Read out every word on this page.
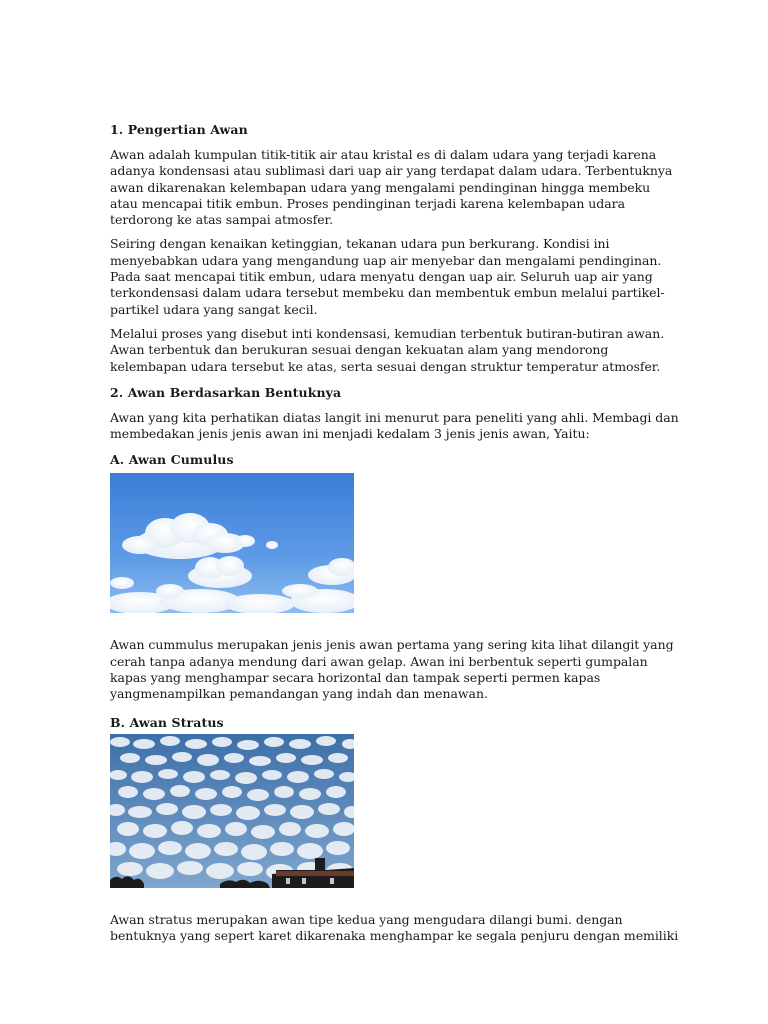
1. Pengertian Awan

Awan adalah kumpulan titik-titik air atau kristal es di dalam udara yang terjadi karena adanya kondensasi atau sublimasi dari uap air yang terdapat dalam udara. Terbentuknya awan dikarenakan kelembapan udara yang mengalami pendinginan hingga membeku atau mencapai titik embun. Proses pendinginan terjadi karena kelembapan udara terdorong ke atas sampai atmosfer.

Seiring dengan kenaikan ketinggian, tekanan udara pun berkurang. Kondisi ini menyebabkan udara yang mengandung uap air menyebar dan mengalami pendinginan. Pada saat mencapai titik embun, udara menyatu dengan uap air. Seluruh uap air yang terkondensasi dalam udara tersebut membeku dan membentuk embun melalui partikel-partikel udara yang sangat kecil.

Melalui proses yang disebut inti kondensasi, kemudian terbentuk butiran-butiran awan. Awan terbentuk dan berukuran sesuai dengan kekuatan alam yang mendorong kelembapan udara tersebut ke atas, serta sesuai dengan struktur temperatur atmosfer.

2. Awan Berdasarkan Bentuknya

Awan yang kita perhatikan diatas langit ini menurut para peneliti yang ahli. Membagi dan membedakan jenis jenis awan ini menjadi kedalam 3 jenis jenis awan, Yaitu:

A. Awan Cumulus

Awan cummulus merupakan jenis jenis awan pertama yang sering kita lihat dilangit yang cerah tanpa adanya mendung dari awan gelap. Awan ini berbentuk seperti gumpalan kapas yang menghampar secara horizontal dan tampak seperti permen kapas yangmenampilkan pemandangan yang indah dan menawan.

B. Awan Stratus

Awan stratus merupakan awan tipe kedua yang mengudara dilangi bumi. dengan bentuknya yang sepert karet dikarenaka menghampar ke segala penjuru dengan memiliki
